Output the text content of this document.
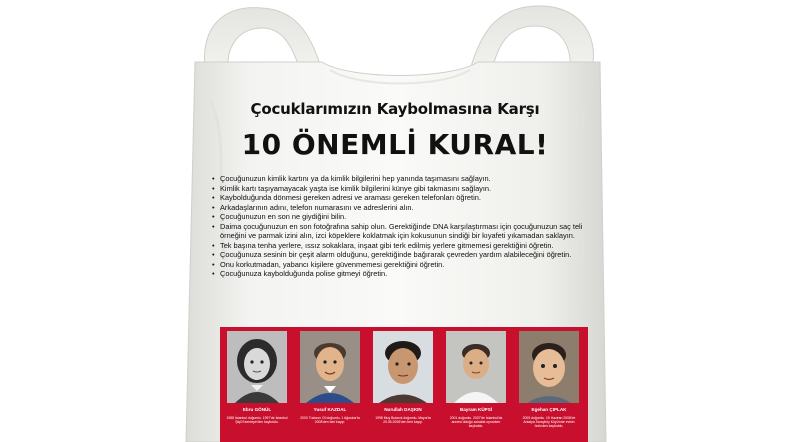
Çocuklarımızın Kaybolmasına Karşı
10 ÖNEMLİ KURAL!
• Çocuğunuzun kimlik kartını ya da kimlik bilgilerini hep yanında taşımasını sağlayın.
• Kimlik kartı taşıyamayacak yaşta ise kimlik bilgilerini künye gibi takmasını sağlayın.
• Kaybolduğunda dönmesi gereken adresi ve araması gereken telefonları öğretin.
• Arkadaşlarının adını, telefon numarasını ve adreslerini alın.
• Çocuğunuzun en son ne giydiğini bilin.
• Daima çocuğunuzun en son fotoğrafına sahip olun. Gerektiğinde DNA karşılaştırması için çocuğunuzun saç teli örneğini ve parmak izini alın, izci köpeklere koklatmak için kokusunun sindiği bir kıyafeti yıkamadan saklayın.
• Tek başına tenha yerlere, ıssız sokaklara, inşaat gibi terk edilmiş yerlere gitmemesi gerektiğini öğretin.
• Çocuğunuza sesinin bir çeşit alarm olduğunu, gerektiğinde bağırarak çevreden yardım alabileceğini öğretin.
• Onu korkutmadan, yabancı kişilere güvenmemesi gerektiğini öğretin.
• Çocuğunuza kaybolduğunda polise gitmeyi öğretin.
Ebru GÖNÜL
1988 İstanbul doğumlu. 1997'de İstanbul Şişli Esentepe'den kayboldu.
Yusuf KAZDAL
2000 Trabzon Of doğumlu. 1 Ağustos'ta 2008'den beri kayıp.
Nurullah DAŞKIN
1998 Muş Bulanık doğumlu. Mayıs'ta 20.05.2008'den beri kayıp.
Bayram KÜPSİ
2001 doğumlu. 2007'de İstanbul'da annesi olduğu sokakta oynarken kayboldu.
Egehan ÇIPLAK
2005 doğumlu. 15 Haziran 2008'de Antalya Sarayköy Köyü'nde evinin önünden kayboldu.
